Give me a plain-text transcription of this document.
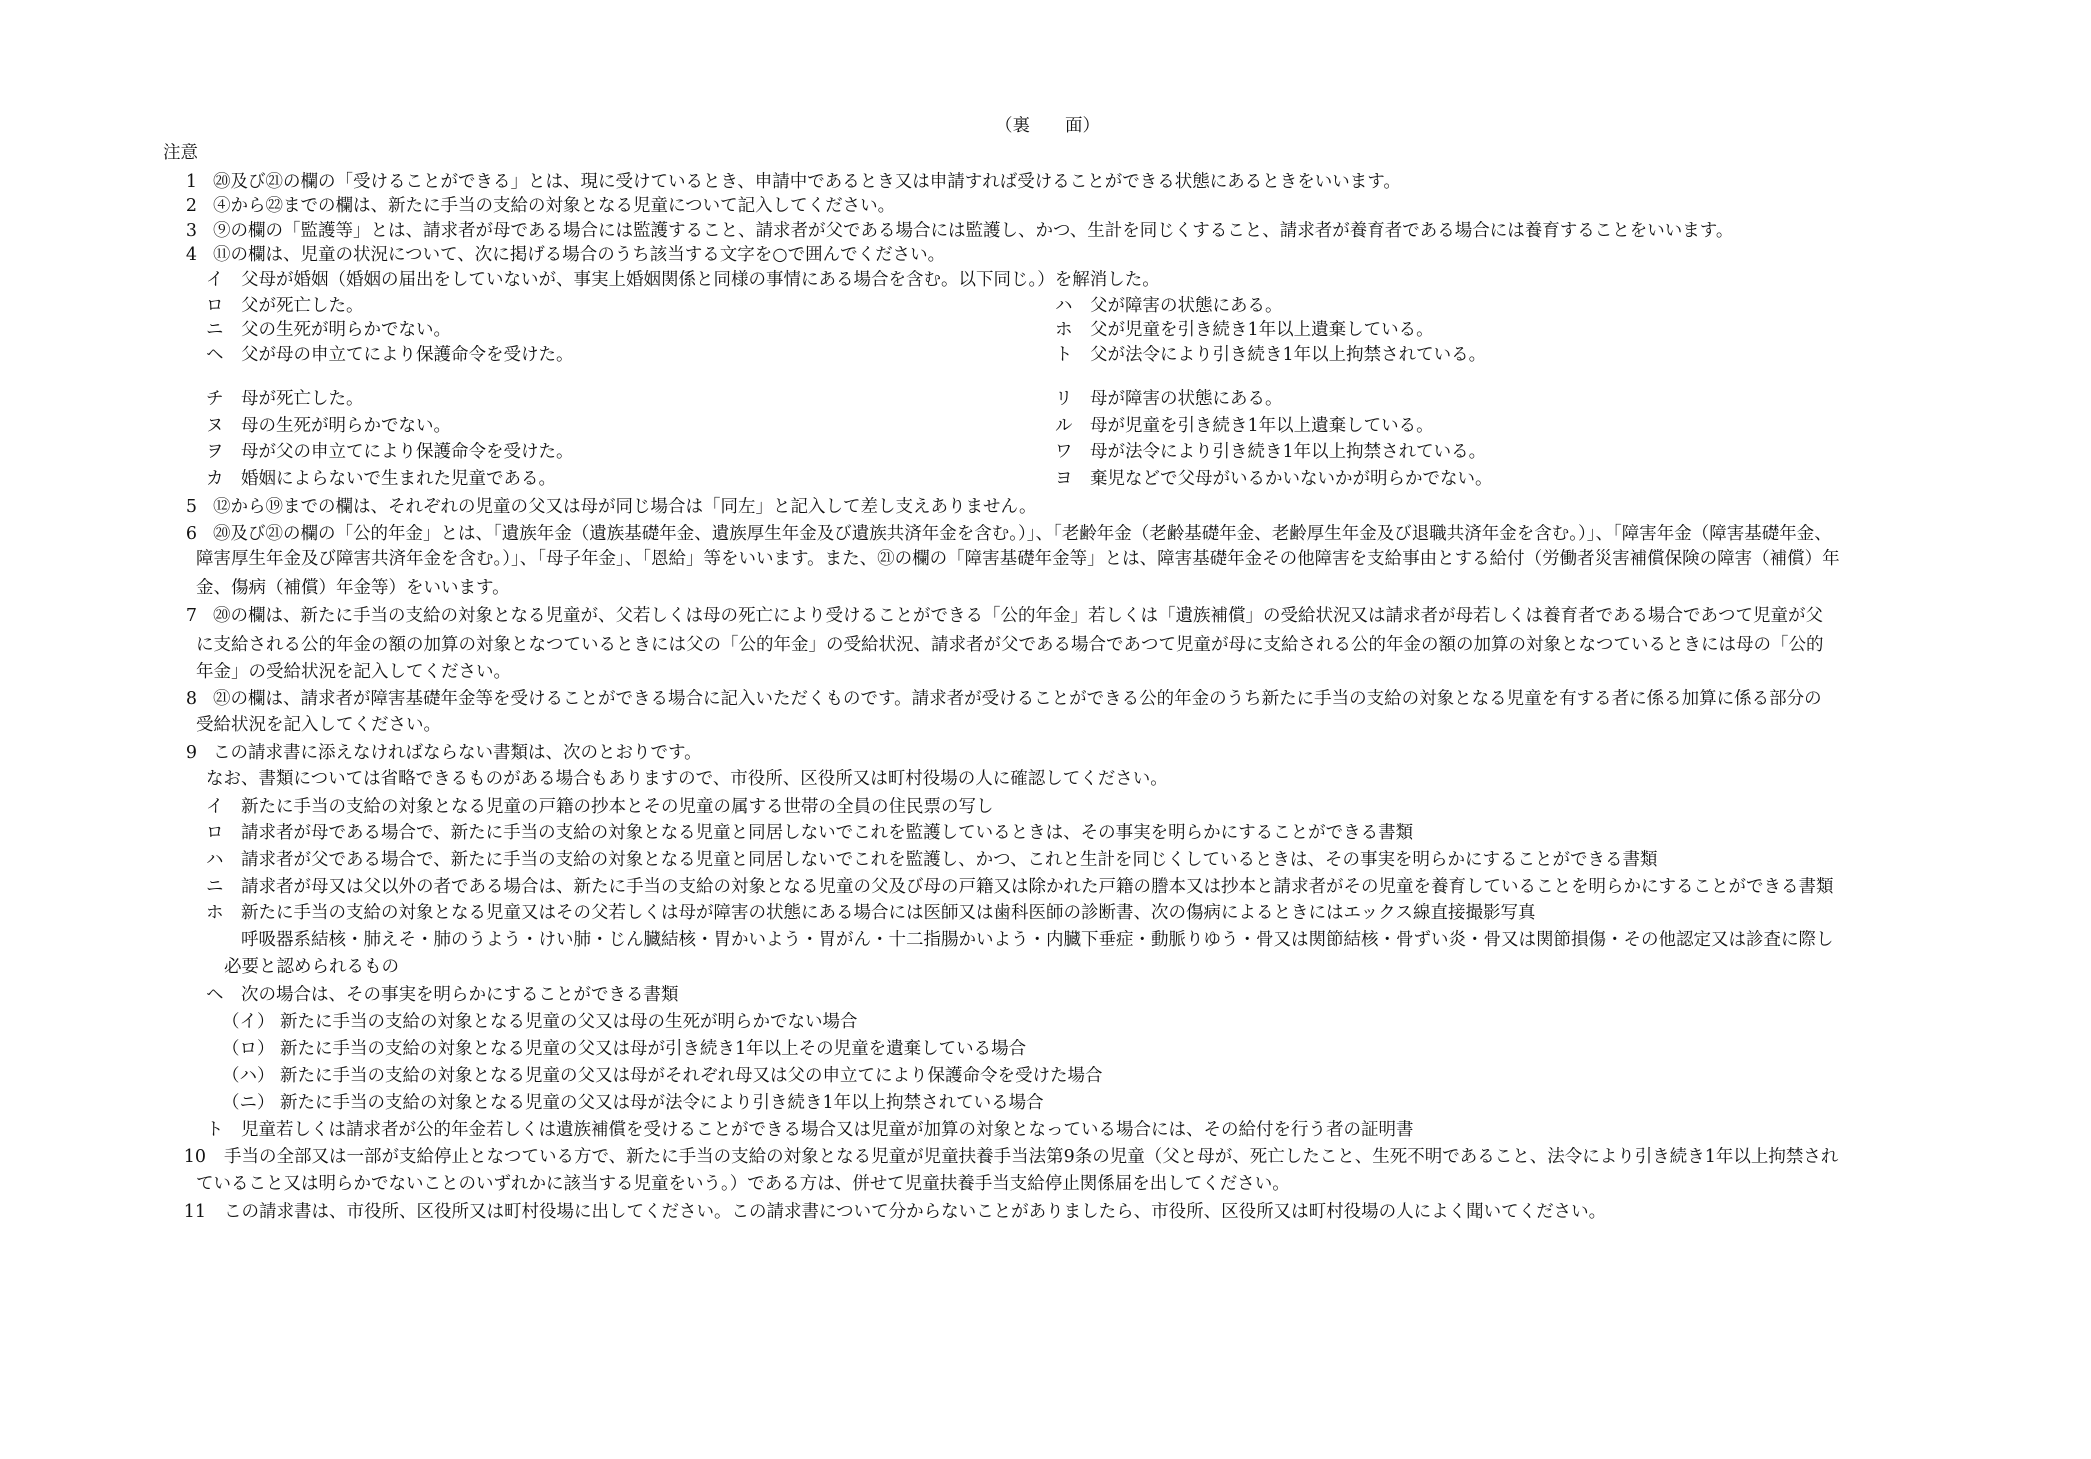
（裏　　面）
注意
1 ⑳及び㉑の欄の「受けることができる」とは、現に受けているとき、申請中であるとき又は申請すれば受けることができる状態にあるときをいいます。
2 ④から㉒までの欄は、新たに手当の支給の対象となる児童について記入してください。
3 ⑨の欄の「監護等」とは、請求者が母である場合には監護すること、請求者が父である場合には監護し、かつ、生計を同じくすること、請求者が養育者である場合には養育することをいいます。
4 ⑪の欄は、児童の状況について、次に掲げる場合のうち該当する文字を○で囲んでください。
イ 父母が婚姻（婚姻の届出をしていないが、事実上婚姻関係と同様の事情にある場合を含む。以下同じ。）を解消した。
ロ 父が死亡した。	ハ 父が障害の状態にある。
ニ 父の生死が明らかでない。	ホ 父が児童を引き続き1年以上遺棄している。
ヘ 父が母の申立てにより保護命令を受けた。	ト 父が法令により引き続き1年以上拘禁されている。
チ 母が死亡した。	リ 母が障害の状態にある。
ヌ 母の生死が明らかでない。	ル 母が児童を引き続き1年以上遺棄している。
ヲ 母が父の申立てにより保護命令を受けた。	ワ 母が法令により引き続き1年以上拘禁されている。
カ 婚姻によらないで生まれた児童である。	ヨ 棄児などで父母がいるかいないかが明らかでない。
5 ⑫から⑲までの欄は、それぞれの児童の父又は母が同じ場合は「同左」と記入して差し支えありません。
6 ⑳及び㉑の欄の「公的年金」とは、「遺族年金（遺族基礎年金、遺族厚生年金及び遺族共済年金を含む。）」、「老齢年金（老齢基礎年金、老齢厚生年金及び退職共済年金を含む。）」、「障害年金（障害基礎年金、
障害厚生年金及び障害共済年金を含む。）」、「母子年金」、「恩給」等をいいます。また、㉑の欄の「障害基礎年金等」とは、障害基礎年金その他障害を支給事由とする給付（労働者災害補償保険の障害（補償）年
金、傷病（補償）年金等）をいいます。
7 ⑳の欄は、新たに手当の支給の対象となる児童が、父若しくは母の死亡により受けることができる「公的年金」若しくは「遺族補償」の受給状況又は請求者が母若しくは養育者である場合であつて児童が父
に支給される公的年金の額の加算の対象となつているときには父の「公的年金」の受給状況、請求者が父である場合であつて児童が母に支給される公的年金の額の加算の対象となつているときには母の「公的
年金」の受給状況を記入してください。
8 ㉑の欄は、請求者が障害基礎年金等を受けることができる場合に記入いただくものです。請求者が受けることができる公的年金のうち新たに手当の支給の対象となる児童を有する者に係る加算に係る部分の
受給状況を記入してください。
9 この請求書に添えなければならない書類は、次のとおりです。
なお、書類については省略できるものがある場合もありますので、市役所、区役所又は町村役場の人に確認してください。
イ 新たに手当の支給の対象となる児童の戸籍の抄本とその児童の属する世帯の全員の住民票の写し
ロ 請求者が母である場合で、新たに手当の支給の対象となる児童と同居しないでこれを監護しているときは、その事実を明らかにすることができる書類
ハ 請求者が父である場合で、新たに手当の支給の対象となる児童と同居しないでこれを監護し、かつ、これと生計を同じくしているときは、その事実を明らかにすることができる書類
ニ 請求者が母又は父以外の者である場合は、新たに手当の支給の対象となる児童の父及び母の戸籍又は除かれた戸籍の謄本又は抄本と請求者がその児童を養育していることを明らかにすることができる書類
ホ 新たに手当の支給の対象となる児童又はその父若しくは母が障害の状態にある場合には医師又は歯科医師の診断書、次の傷病によるときにはエックス線直接撮影写真
呼吸器系結核・肺えそ・肺のうよう・けい肺・じん臓結核・胃かいよう・胃がん・十二指腸かいよう・内臓下垂症・動脈りゆう・骨又は関節結核・骨ずい炎・骨又は関節損傷・その他認定又は診査に際し
必要と認められるもの
ヘ 次の場合は、その事実を明らかにすることができる書類
（イ） 新たに手当の支給の対象となる児童の父又は母の生死が明らかでない場合
（ロ） 新たに手当の支給の対象となる児童の父又は母が引き続き1年以上その児童を遺棄している場合
（ハ） 新たに手当の支給の対象となる児童の父又は母がそれぞれ母又は父の申立てにより保護命令を受けた場合
（ニ） 新たに手当の支給の対象となる児童の父又は母が法令により引き続き1年以上拘禁されている場合
ト 児童若しくは請求者が公的年金若しくは遺族補償を受けることができる場合又は児童が加算の対象となっている場合には、その給付を行う者の証明書
10 手当の全部又は一部が支給停止となつている方で、新たに手当の支給の対象となる児童が児童扶養手当法第9条の児童（父と母が、死亡したこと、生死不明であること、法令により引き続き1年以上拘禁され
ていること又は明らかでないことのいずれかに該当する児童をいう。）である方は、併せて児童扶養手当支給停止関係届を出してください。
11 この請求書は、市役所、区役所又は町村役場に出してください。この請求書について分からないことがありましたら、市役所、区役所又は町村役場の人によく聞いてください。
